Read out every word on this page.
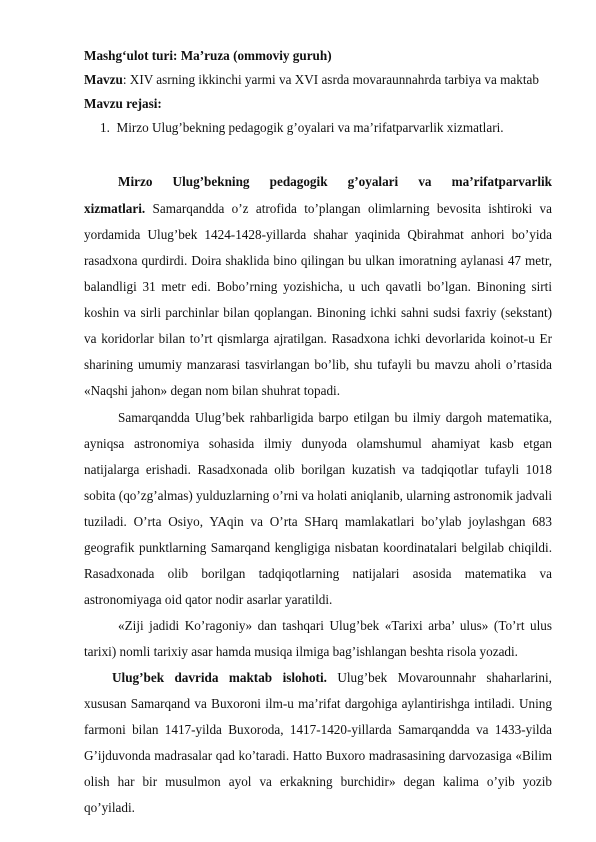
Mashg‘ulot turi: Ma’ruza (ommoviy guruh)
Mavzu: XIV asrning ikkinchi yarmi va XVI asrda movaraunnahrda tarbiya va maktab
Mavzu rejasi:
1. Mirzo Ulug’bekning pedagogik g’oyalari va ma’rifatparvarlik xizmatlari.
Mirzo Ulug’bekning pedagogik g’oyalari va ma’rifatparvarlik
xizmatlari. Samarqandda o’z atrofida to’plangan olimlarning bevosita ishtiroki va
yordamida Ulug’bek 1424-1428-yillarda shahar yaqinida Qbirahmat anhori bo’yida
rasadxona qurdirdi. Doira shaklida bino qilingan bu ulkan imoratning aylanasi 47 metr,
balandligi 31 metr edi. Bobo’rning yozishicha, u uch qavatli bo’lgan. Binoning sirti
koshin va sirli parchinlar bilan qoplangan. Binoning ichki sahni sudsi faxriy (sekstant)
va koridorlar bilan to’rt qismlarga ajratilgan. Rasadxona ichki devorlarida koinot-u Er
sharining umumiy manzarasi tasvirlangan bo’lib, shu tufayli bu mavzu aholi o’rtasida
«Naqshi jahon» degan nom bilan shuhrat topadi.
Samarqandda Ulug’bek rahbarligida barpo etilgan bu ilmiy dargoh matematika,
ayniqsa astronomiya sohasida ilmiy dunyoda olamshumul ahamiyat kasb etgan
natijalarga erishadi. Rasadxonada olib borilgan kuzatish va tadqiqotlar tufayli 1018
sobita (qo’zg’almas) yulduzlarning o’rni va holati aniqlanib, ularning astronomik jadvali
tuziladi. O’rta Osiyo, YAqin va O’rta SHarq mamlakatlari bo’ylab joylashgan 683
geografik punktlarning Samarqand kengligiga nisbatan koordinatalari belgilab chiqildi.
Rasadxonada olib borilgan tadqiqotlarning natijalari asosida matematika va
astronomiyaga oid qator nodir asarlar yaratildi.
«Ziji jadidi Ko’ragoniy» dan tashqari Ulug’bek «Tarixi arba’ ulus» (To’rt ulus
tarixi) nomli tarixiy asar hamda musiqa ilmiga bag’ishlangan beshta risola yozadi.
Ulug’bek davrida maktab islohoti. Ulug’bek Movarounnahr shaharlarini,
xususan Samarqand va Buxoroni ilm-u ma’rifat dargohiga aylantirishga intiladi. Uning
farmoni bilan 1417-yilda Buxoroda, 1417-1420-yillarda Samarqandda va 1433-yilda
G’ijduvonda madrasalar qad ko’taradi. Hatto Buxoro madrasasining darvozasiga «Bilim
olish har bir musulmon ayol va erkakning burchidir» degan kalima o’yib yozib
qo’yiladi.
